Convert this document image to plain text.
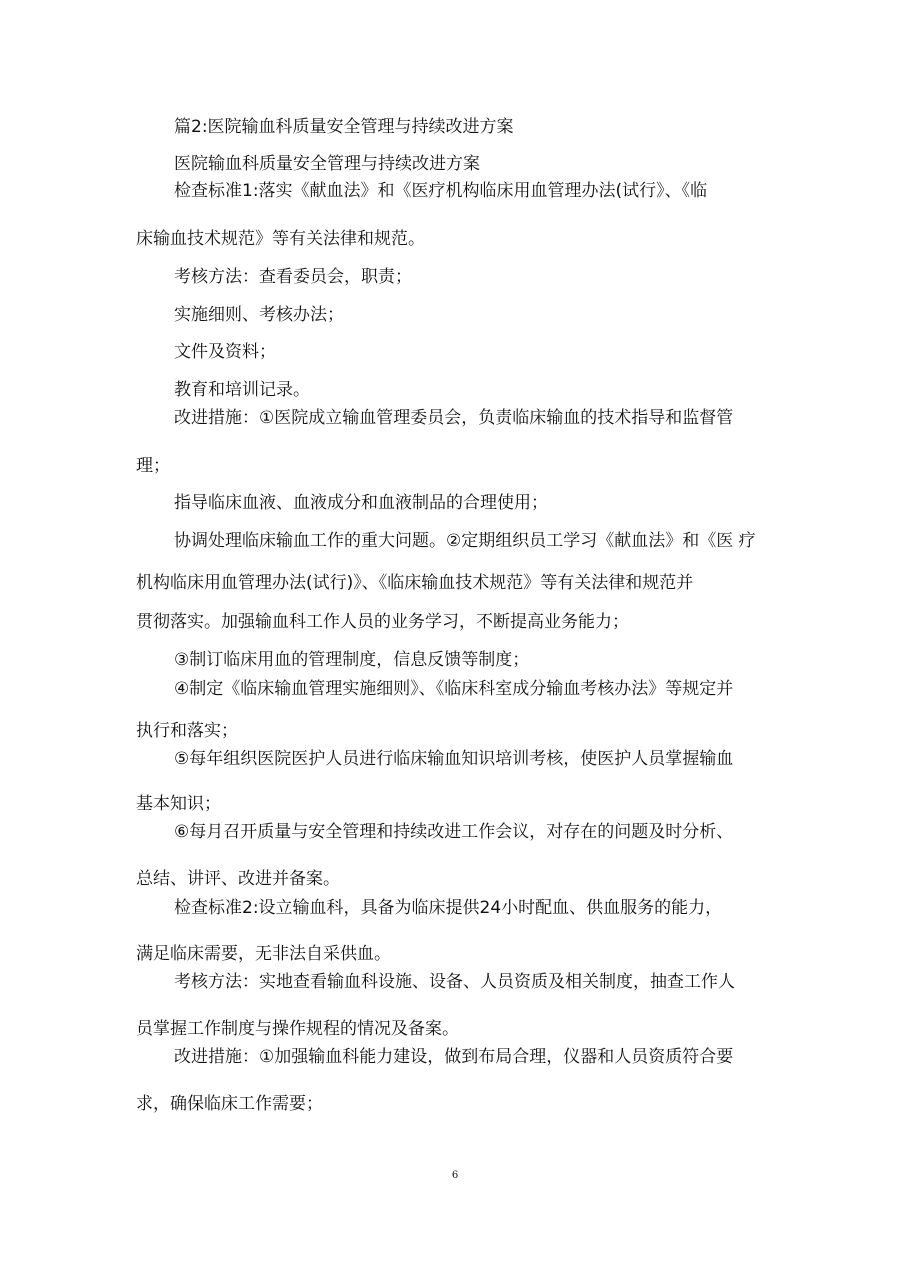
篇2:医院输血科质量安全管理与持续改进方案
医院输血科质量安全管理与持续改进方案
检查标准1:落实《献血法》和《医疗机构临床用血管理办法(试行》、《临
床输血技术规范》等有关法律和规范。
考核方法：查看委员会，职责；
实施细则、考核办法；
文件及资料；
教育和培训记录。
改进措施：①医院成立输血管理委员会，负责临床输血的技术指导和监督管
理；
指导临床血液、血液成分和血液制品的合理使用；
协调处理临床输血工作的重大问题。②定期组织员工学习《献血法》和《医 疗
机构临床用血管理办法(试行)》、《临床输血技术规范》等有关法律和规范并
贯彻落实。加强输血科工作人员的业务学习，不断提高业务能力；
③制订临床用血的管理制度，信息反馈等制度；
④制定《临床输血管理实施细则》、《临床科室成分输血考核办法》等规定并
执行和落实；
⑤每年组织医院医护人员进行临床输血知识培训考核，使医护人员掌握输血
基本知识；
⑥每月召开质量与安全管理和持续改进工作会议，对存在的问题及时分析、
总结、讲评、改进并备案。
检查标准2:设立输血科，具备为临床提供24小时配血、供血服务的能力，
满足临床需要，无非法自采供血。
考核方法：实地查看输血科设施、设备、人员资质及相关制度，抽查工作人
员掌握工作制度与操作规程的情况及备案。
改进措施：①加强输血科能力建设，做到布局合理，仪器和人员资质符合要
求，确保临床工作需要；
6
